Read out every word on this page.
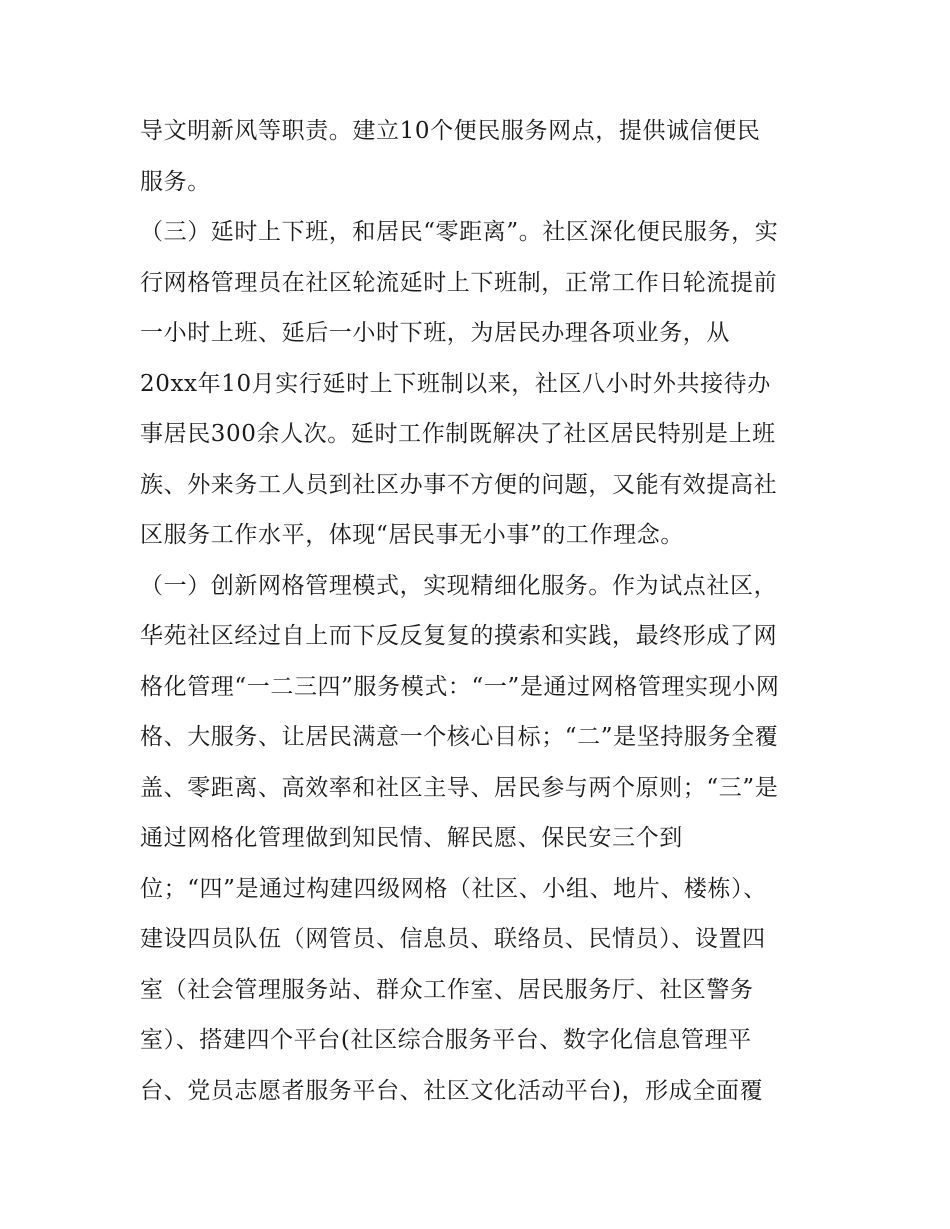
导文明新风等职责。建立10个便民服务网点，提供诚信便民
服务。
（三）延时上下班，和居民“零距离”。社区深化便民服务，实
行网格管理员在社区轮流延时上下班制，正常工作日轮流提前
一小时上班、延后一小时下班，为居民办理各项业务，从
20xx年10月实行延时上下班制以来，社区八小时外共接待办
事居民300余人次。延时工作制既解决了社区居民特别是上班
族、外来务工人员到社区办事不方便的问题，又能有效提高社
区服务工作水平，体现“居民事无小事”的工作理念。
（一）创新网格管理模式，实现精细化服务。作为试点社区，
华苑社区经过自上而下反反复复的摸索和实践，最终形成了网
格化管理“一二三四”服务模式：“一”是通过网格管理实现小网
格、大服务、让居民满意一个核心目标；“二”是坚持服务全覆
盖、零距离、高效率和社区主导、居民参与两个原则；“三”是
通过网格化管理做到知民情、解民愿、保民安三个到
位；“四”是通过构建四级网格（社区、小组、地片、楼栋）、
建设四员队伍（网管员、信息员、联络员、民情员）、设置四
室（社会管理服务站、群众工作室、居民服务厅、社区警务
室）、搭建四个平台(社区综合服务平台、数字化信息管理平
台、党员志愿者服务平台、社区文化活动平台)，形成全面覆
